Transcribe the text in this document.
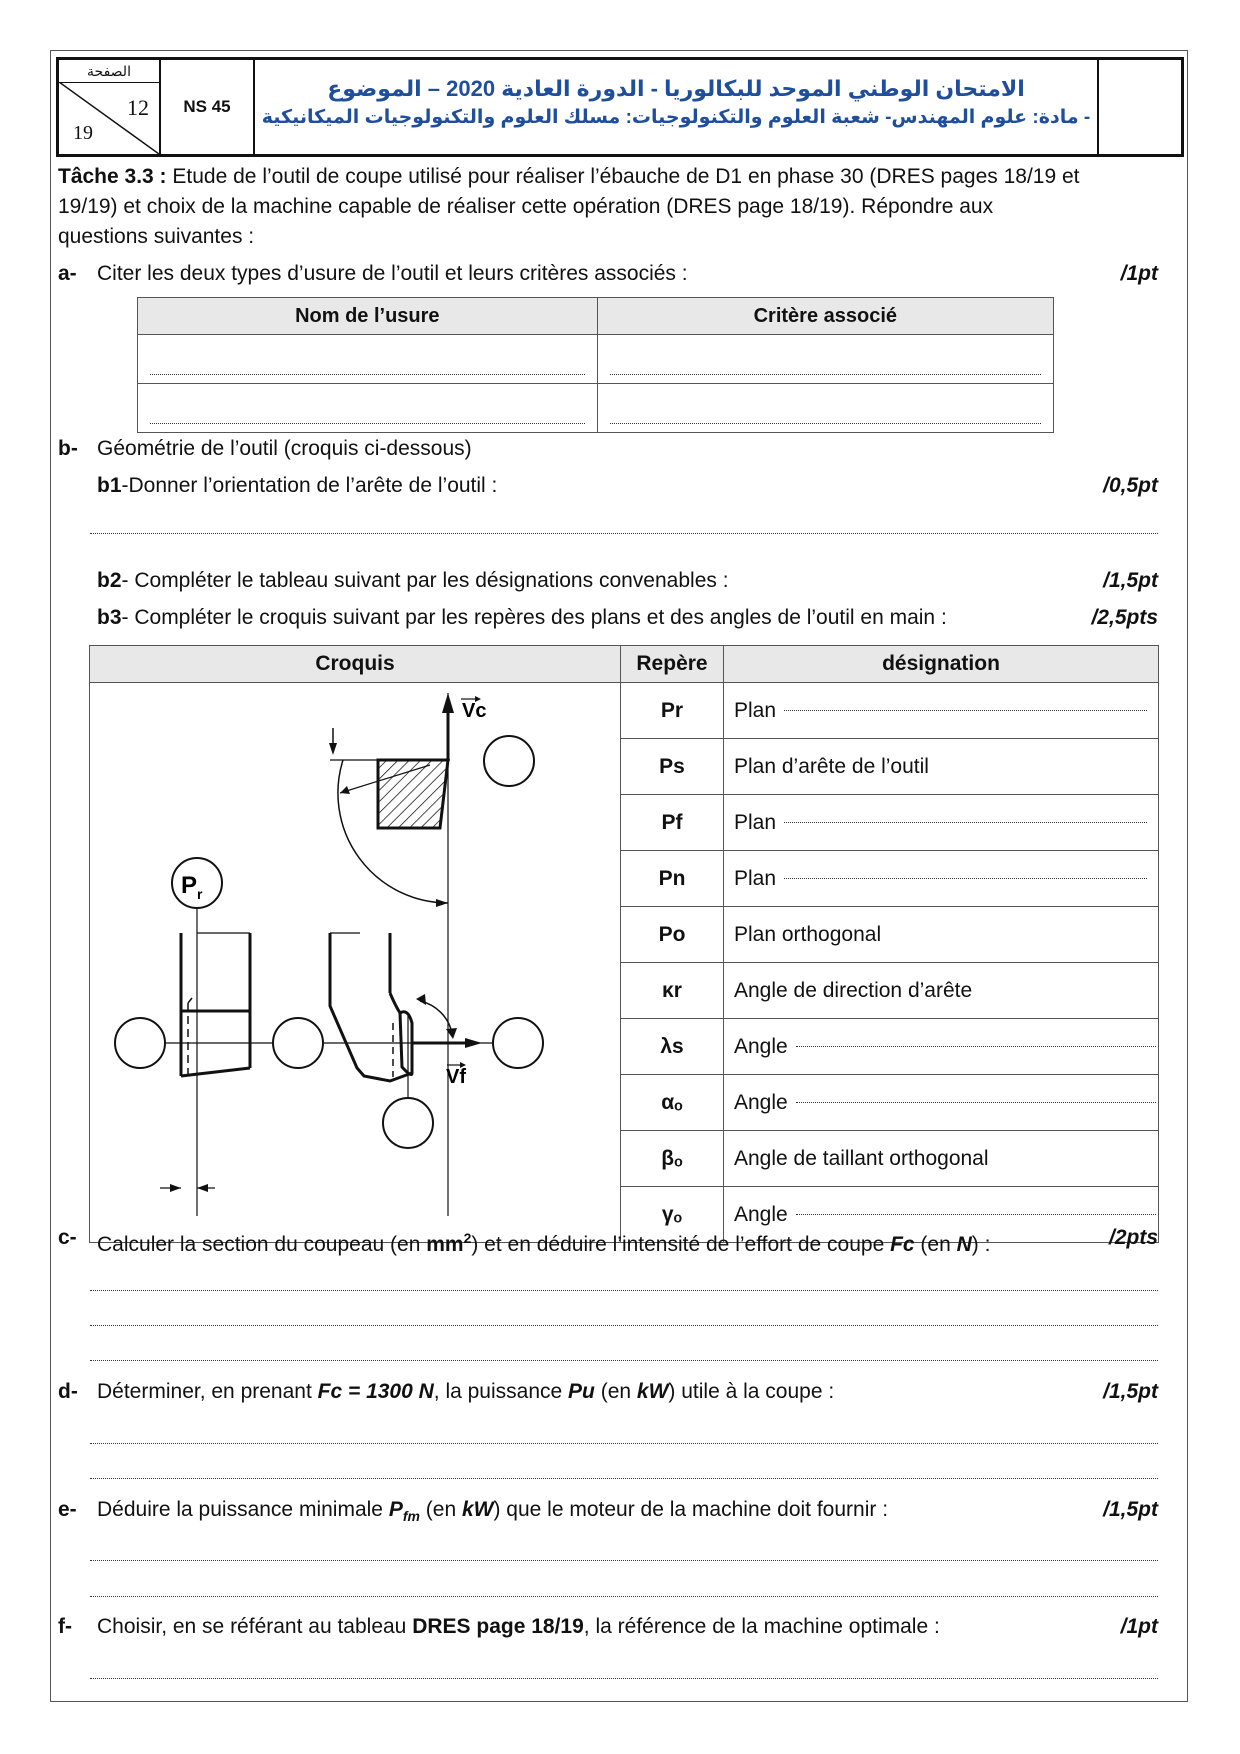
الصفحة
12
19
NS 45
الامتحان الوطني الموحد للبكالوريا - الدورة العادية 2020 – الموضوع
- مادة: علوم المهندس- شعبة العلوم والتكنولوجيات: مسلك العلوم والتكنولوجيات الميكانيكية
Tâche 3.3 : Etude de l’outil de coupe utilisé pour réaliser l’ébauche de D1 en phase 30 (DRES pages 18/19 et
19/19) et choix de la machine capable de réaliser cette opération (DRES page 18/19). Répondre aux
questions suivantes :
a- Citer les deux types d’usure de l’outil et leurs critères associés :	/1pt
Nom de l’usure	Critère associé

b- Géométrie de l’outil (croquis ci-dessous)
b1-Donner l’orientation de l’arête de l’outil :	/0,5pt
b2- Compléter le tableau suivant par les désignations convenables :	/1,5pt
b3- Compléter le croquis suivant par les repères des plans et des angles de l’outil en main :	/2,5pts
Croquis	Repère	désignation

Vc
$P_r$
Vf	Pr	Plan
	Ps	Plan d’arête de l’outil
	Pf	Plan
	Pn	Plan
	Po	Plan orthogonal
	κr	Angle de direction d’arête
	λs	Angle
	αₒ	Angle
	βₒ	Angle de taillant orthogonal
	γₒ	Angle
c- Calculer la section du coupeau (en $mm^2$) et en déduire l’intensité de l’effort de coupe Fc (en N) :	/2pts
d- Déterminer, en prenant Fc = 1300 N, la puissance Pu (en kW) utile à la coupe :	/1,5pt
e- Déduire la puissance minimale $P_{fm}$ (en kW) que le moteur de la machine doit fournir :	/1,5pt
f- Choisir, en se référant au tableau DRES page 18/19, la référence de la machine optimale :	/1pt
